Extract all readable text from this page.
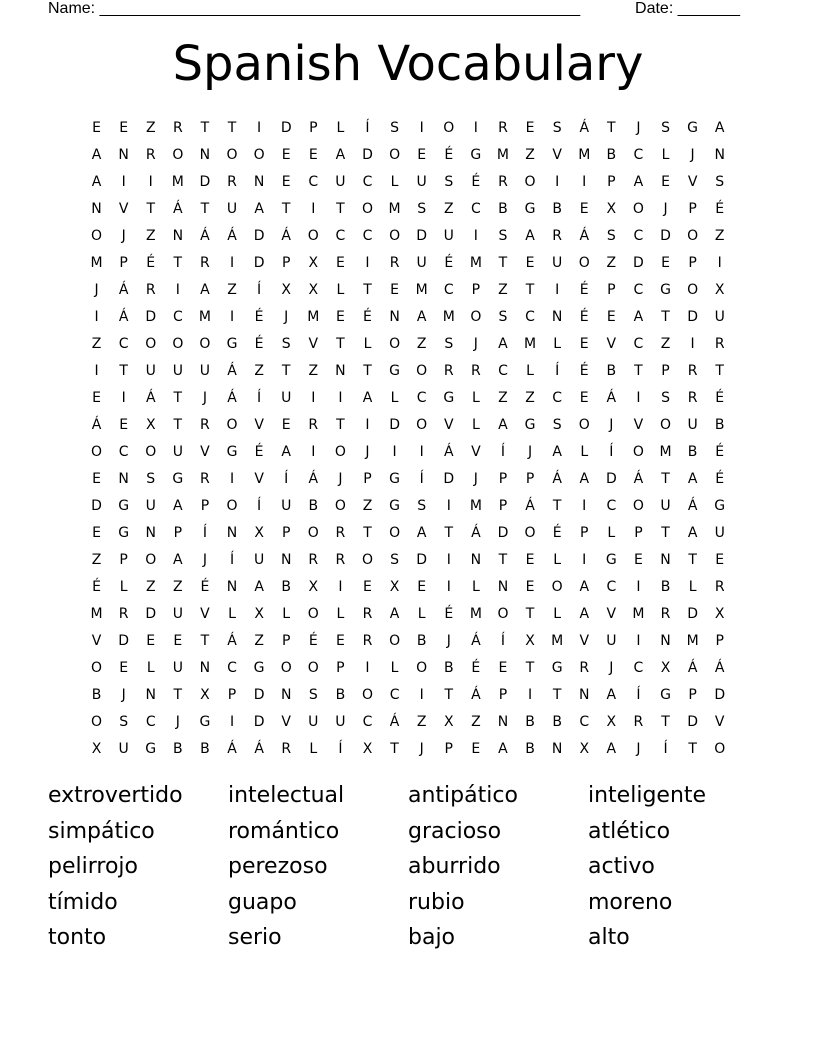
Name: ______________________________________________________	Date: _______
Spanish Vocabulary
E	E	Z	R	T	T	I	D	P	L	Í	S	I	O	I	R	E	S	Á	T	J	S	G	A
A	N	R	O	N	O	O	E	E	A	D	O	E	É	G	M	Z	V	M	B	C	L	J	N
A	I	I	M	D	R	N	E	C	U	C	L	U	S	É	R	O	I	I	P	A	E	V	S
N	V	T	Á	T	U	A	T	I	T	O	M	S	Z	C	B	G	B	E	X	O	J	P	É
O	J	Z	N	Á	Á	D	Á	O	C	C	O	D	U	I	S	A	R	Á	S	C	D	O	Z
M	P	É	T	R	I	D	P	X	E	I	R	U	É	M	T	E	U	O	Z	D	E	P	I
J	Á	R	I	A	Z	Í	X	X	L	T	E	M	C	P	Z	T	I	É	P	C	G	O	X
I	Á	D	C	M	I	É	J	M	E	É	N	A	M	O	S	C	N	É	E	A	T	D	U
Z	C	O	O	O	G	É	S	V	T	L	O	Z	S	J	A	M	L	E	V	C	Z	I	R
I	T	U	U	U	Á	Z	T	Z	N	T	G	O	R	R	C	L	Í	É	B	T	P	R	T
E	I	Á	T	J	Á	Í	U	I	I	A	L	C	G	L	Z	Z	C	E	Á	I	S	R	É
Á	E	X	T	R	O	V	E	R	T	I	D	O	V	L	A	G	S	O	J	V	O	U	B
O	C	O	U	V	G	É	A	I	O	J	I	I	Á	V	Í	J	A	L	Í	O	M	B	É
E	N	S	G	R	I	V	Í	Á	J	P	G	Í	D	J	P	P	Á	A	D	Á	T	A	É
D	G	U	A	P	O	Í	U	B	O	Z	G	S	I	M	P	Á	T	I	C	O	U	Á	G
E	G	N	P	Í	N	X	P	O	R	T	O	A	T	Á	D	O	É	P	L	P	T	A	U
Z	P	O	A	J	Í	U	N	R	R	O	S	D	I	N	T	E	L	I	G	E	N	T	E
É	L	Z	Z	É	N	A	B	X	I	E	X	E	I	L	N	E	O	A	C	I	B	L	R
M	R	D	U	V	L	X	L	O	L	R	A	L	É	M	O	T	L	A	V	M	R	D	X
V	D	E	E	T	Á	Z	P	É	E	R	O	B	J	Á	Í	X	M	V	U	I	N	M	P
O	E	L	U	N	C	G	O	O	P	I	L	O	B	É	E	T	G	R	J	C	X	Á	Á
B	J	N	T	X	P	D	N	S	B	O	C	I	T	Á	P	I	T	N	A	Í	G	P	D
O	S	C	J	G	I	D	V	U	U	C	Á	Z	X	Z	N	B	B	C	X	R	T	D	V
X	U	G	B	B	Á	Á	R	L	Í	X	T	J	P	E	A	B	N	X	A	J	Í	T	O
extrovertido	intelectual	antipático	inteligente
simpático	romántico	gracioso	atlético
pelirrojo	perezoso	aburrido	activo
tímido	guapo	rubio	moreno
tonto	serio	bajo	alto
